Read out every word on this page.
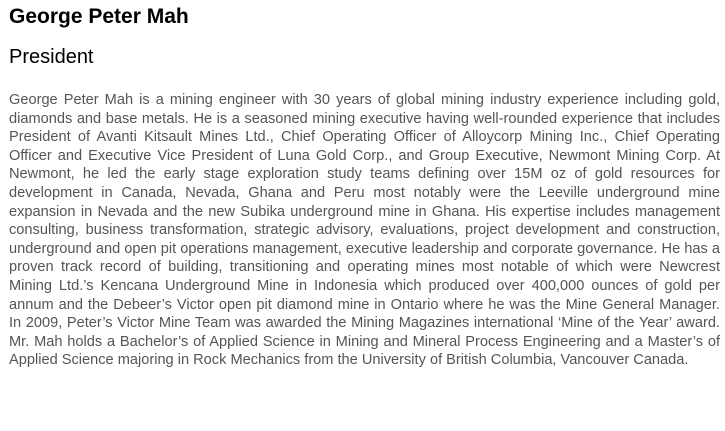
George Peter Mah
President

George Peter Mah is a mining engineer with 30 years of global mining industry experience including gold, diamonds and base metals. He is a seasoned mining executive having well-rounded experience that includes President of Avanti Kitsault Mines Ltd., Chief Operating Officer of Alloycorp Mining Inc., Chief Operating Officer and Executive Vice President of Luna Gold Corp., and Group Executive, Newmont Mining Corp. At Newmont, he led the early stage exploration study teams defining over 15M oz of gold resources for development in Canada, Nevada, Ghana and Peru most notably were the Leeville underground mine expansion in Nevada and the new Subika underground mine in Ghana. His expertise includes management consulting, business transformation, strategic advisory, evaluations, project development and construction, underground and open pit operations management, executive leadership and corporate governance. He has a proven track record of building, transitioning and operating mines most notable of which were Newcrest Mining Ltd.’s Kencana Underground Mine in Indonesia which produced over 400,000 ounces of gold per annum and the Debeer’s Victor open pit diamond mine in Ontario where he was the Mine General Manager. In 2009, Peter’s Victor Mine Team was awarded the Mining Magazines international ‘Mine of the Year’ award. Mr. Mah holds a Bachelor’s of Applied Science in Mining and Mineral Process Engineering and a Master’s of Applied Science majoring in Rock Mechanics from the University of British Columbia, Vancouver Canada.
